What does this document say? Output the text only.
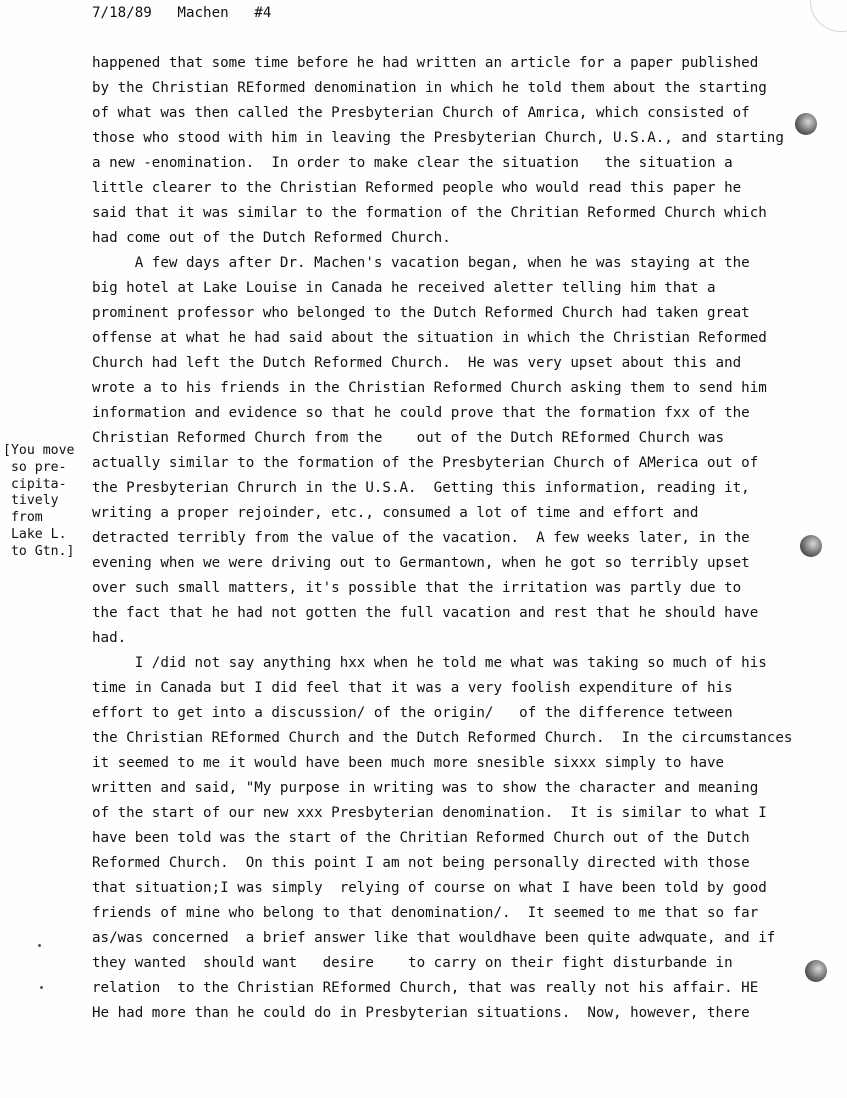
7/18/89   Machen   #4
happened that some time before he had written an article for a paper published
by the Christian REformed denomination in which he told them about the starting
of what was then called the Presbyterian Church of Amrica, which consisted of
those who stood with him in leaving the Presbyterian Church, U.S.A., and starting
a new -enomination.  In order to make clear the situation   the situation a
little clearer to the Christian Reformed people who would read this paper he
said that it was similar to the formation of the Chritian Reformed Church which
had come out of the Dutch Reformed Church.
A few days after Dr. Machen's vacation began, when he was staying at the
big hotel at Lake Louise in Canada he received aletter telling him that a
prominent professor who belonged to the Dutch Reformed Church had taken great
offense at what he had said about the situation in which the Christian Reformed
Church had left the Dutch Reformed Church.  He was very upset about this and
wrote a to his friends in the Christian Reformed Church asking them to send him
information and evidence so that he could prove that the formation fxx of the
Christian Reformed Church from the    out of the Dutch REformed Church was
actually similar to the formation of the Presbyterian Church of AMerica out of
the Presbyterian Chrurch in the U.S.A.  Getting this information, reading it,
writing a proper rejoinder, etc., consumed a lot of time and effort and
detracted terribly from the value of the vacation.  A few weeks later, in the
evening when we were driving out to Germantown, when he got so terribly upset
over such small matters, it's possible that the irritation was partly due to
the fact that he had not gotten the full vacation and rest that he should have
had.
I /did not say anything hxx when he told me what was taking so much of his
time in Canada but I did feel that it was a very foolish expenditure of his
effort to get into a discussion/ of the origin/   of the difference tetween
the Christian REformed Church and the Dutch Reformed Church.  In the circumstances
it seemed to me it would have been much more snesible sixxx simply to have
written and said, "My purpose in writing was to show the character and meaning
of the start of our new xxx Presbyterian denomination.  It is similar to what I
have been told was the start of the Chritian Reformed Church out of the Dutch
Reformed Church.  On this point I am not being personally directed with those
that situation;I was simply  relying of course on what I have been told by good
friends of mine who belong to that denomination/.  It seemed to me that so far
as/was concerned  a brief answer like that wouldhave been quite adwquate, and if
they wanted  should want   desire    to carry on their fight disturbande in
relation  to the Christian REformed Church, that was really not his affair. HE
He had more than he could do in Presbyterian situations.  Now, however, there
[You move
so pre-
cipita-
tively
from
Lake L.
to Gtn.]
